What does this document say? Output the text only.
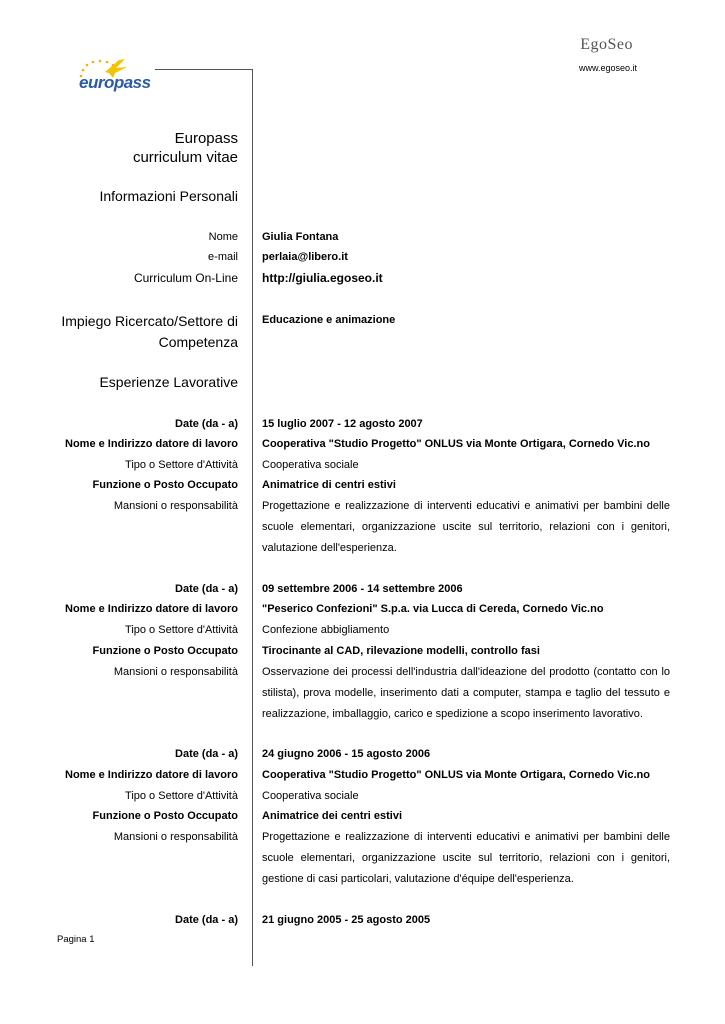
EgoSeo
www.egoseo.it
europass
Europass
curriculum vitae
Informazioni Personali
Nome Giulia Fontana
e-mail perlaia@libero.it
Curriculum On-Line http://giulia.egoseo.it
Impiego Ricercato/Settore di
Competenza
Educazione e animazione
Esperienze Lavorative
Date (da - a) 15 luglio 2007 - 12 agosto 2007
Nome e Indirizzo datore di lavoro Cooperativa "Studio Progetto" ONLUS via Monte Ortigara, Cornedo Vic.no
Tipo o Settore d'Attività Cooperativa sociale
Funzione o Posto Occupato Animatrice di centri estivi
Mansioni o responsabilità Progettazione e realizzazione di interventi educativi e animativi per bambini delle scuole elementari, organizzazione uscite sul territorio, relazioni con i genitori, valutazione dell'esperienza.
Date (da - a) 09 settembre 2006 - 14 settembre 2006
Nome e Indirizzo datore di lavoro "Peserico Confezioni" S.p.a. via Lucca di Cereda, Cornedo Vic.no
Tipo o Settore d'Attività Confezione abbigliamento
Funzione o Posto Occupato Tirocinante al CAD, rilevazione modelli, controllo fasi
Mansioni o responsabilità Osservazione dei processi dell'industria dall'ideazione del prodotto (contatto con lo stilista), prova modelle, inserimento dati a computer, stampa e taglio del tessuto e realizzazione, imballaggio, carico e spedizione a scopo inserimento lavorativo.
Date (da - a) 24 giugno 2006 - 15 agosto 2006
Nome e Indirizzo datore di lavoro Cooperativa "Studio Progetto" ONLUS via Monte Ortigara, Cornedo Vic.no
Tipo o Settore d'Attività Cooperativa sociale
Funzione o Posto Occupato Animatrice dei centri estivi
Mansioni o responsabilità Progettazione e realizzazione di interventi educativi e animativi per bambini delle scuole elementari, organizzazione uscite sul territorio, relazioni con i genitori, gestione di casi particolari, valutazione d'équipe dell'esperienza.
Date (da - a) 21 giugno 2005 - 25 agosto 2005
Pagina 1
